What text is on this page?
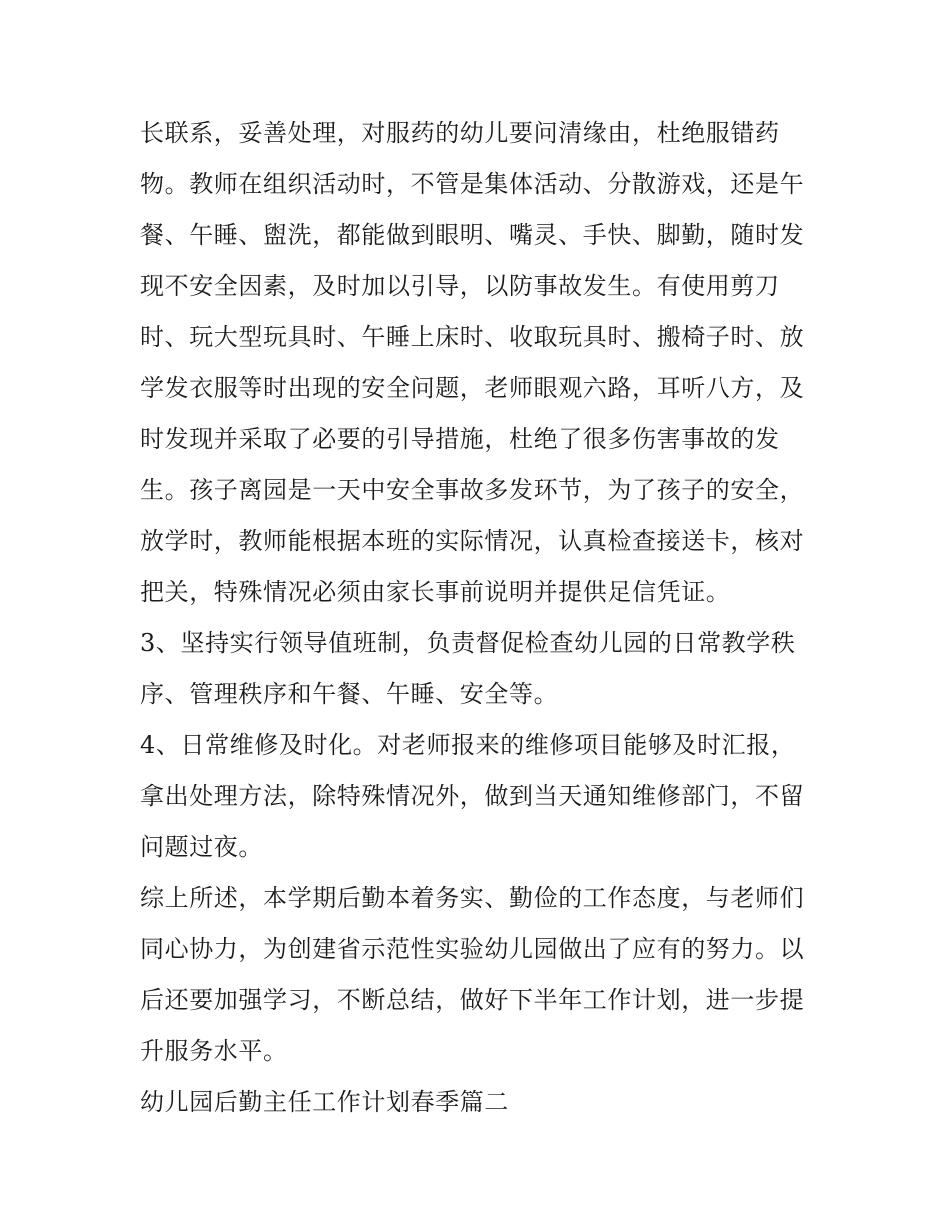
长联系，妥善处理，对服药的幼儿要问清缘由，杜绝服错药
物。教师在组织活动时，不管是集体活动、分散游戏，还是午
餐、午睡、盥洗，都能做到眼明、嘴灵、手快、脚勤，随时发
现不安全因素，及时加以引导，以防事故发生。有使用剪刀
时、玩大型玩具时、午睡上床时、收取玩具时、搬椅子时、放
学发衣服等时出现的安全问题，老师眼观六路，耳听八方，及
时发现并采取了必要的引导措施，杜绝了很多伤害事故的发
生。孩子离园是一天中安全事故多发环节，为了孩子的安全，
放学时，教师能根据本班的实际情况，认真检查接送卡，核对
把关，特殊情况必须由家长事前说明并提供足信凭证。
3、坚持实行领导值班制，负责督促检查幼儿园的日常教学秩
序、管理秩序和午餐、午睡、安全等。
4、日常维修及时化。对老师报来的维修项目能够及时汇报，
拿出处理方法，除特殊情况外，做到当天通知维修部门，不留
问题过夜。
综上所述，本学期后勤本着务实、勤俭的工作态度，与老师们
同心协力，为创建省示范性实验幼儿园做出了应有的努力。以
后还要加强学习，不断总结，做好下半年工作计划，进一步提
升服务水平。
幼儿园后勤主任工作计划春季篇二
